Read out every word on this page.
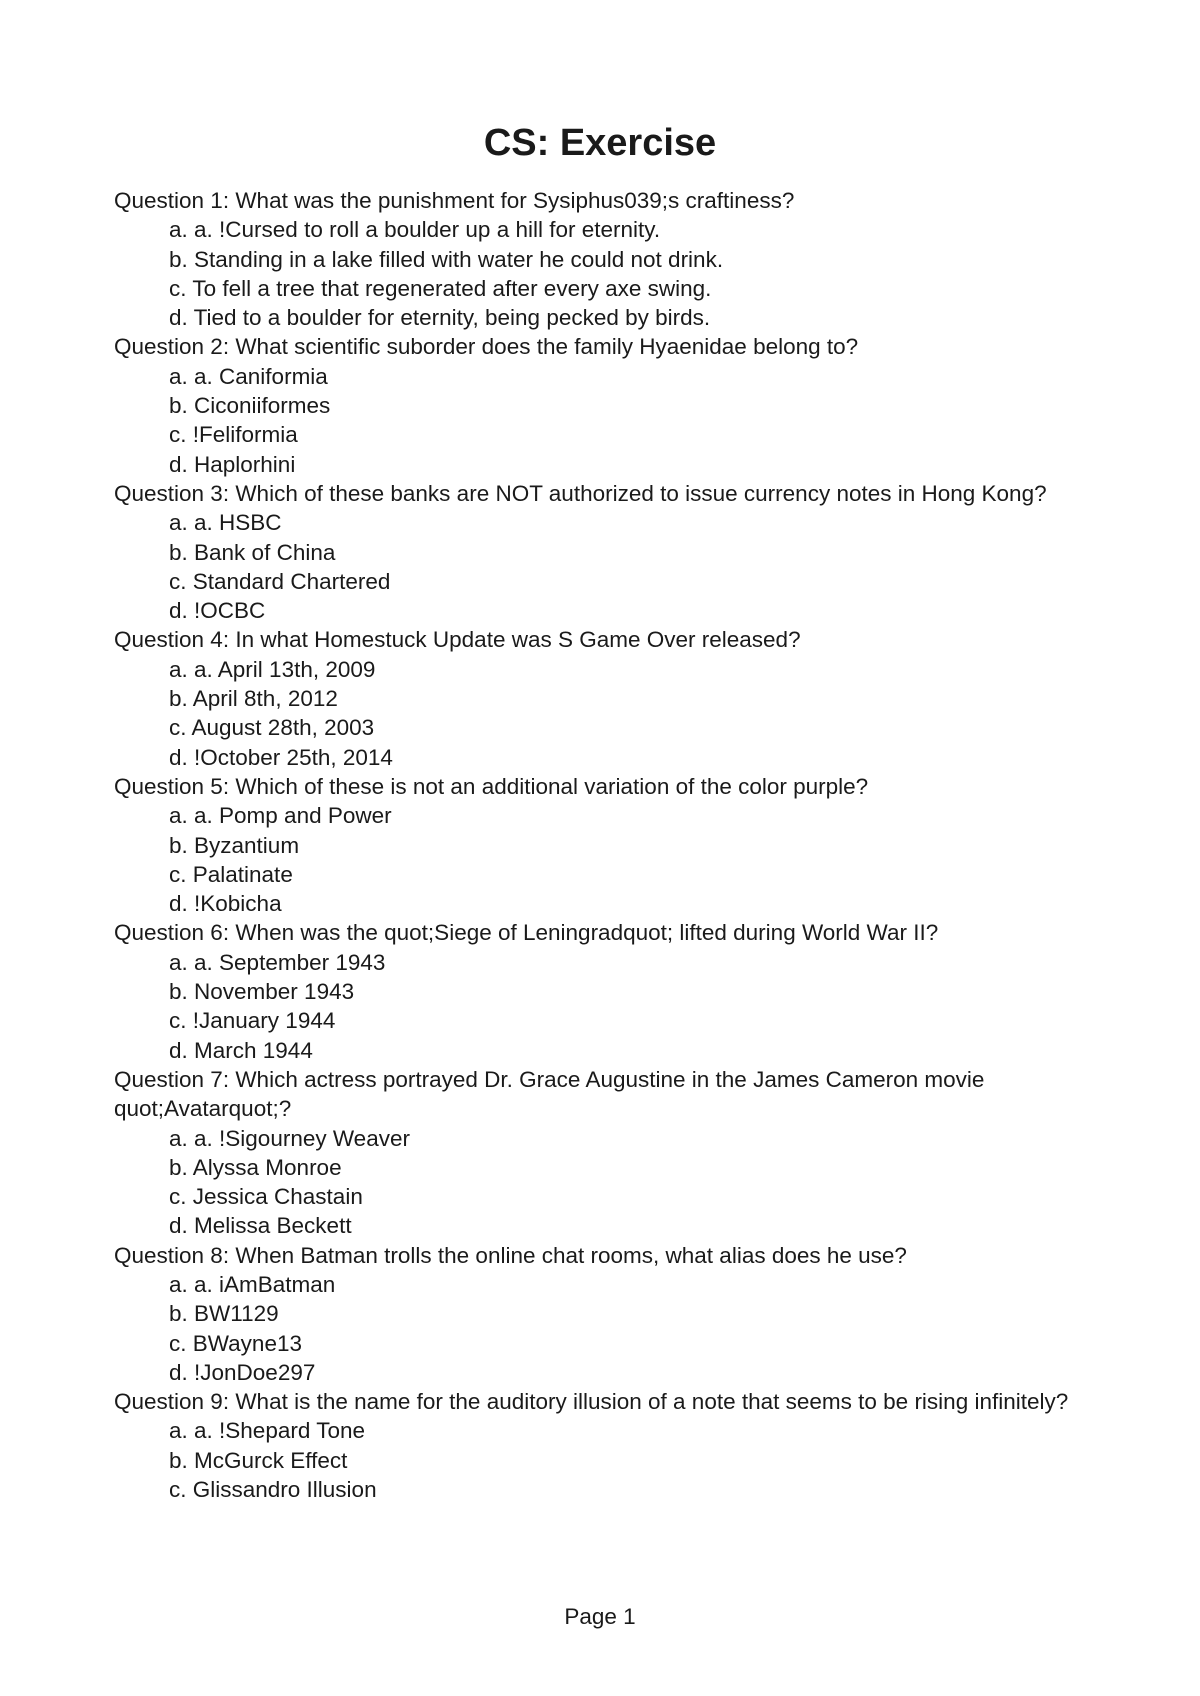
CS: Exercise

Question 1: What was the punishment for Sysiphus039;s craftiness?

a. a. !Cursed to roll a boulder up a hill for eternity.
b. Standing in a lake filled with water he could not drink.
c. To fell a tree that regenerated after every axe swing.
d. Tied to a boulder for eternity, being pecked by birds.

Question 2: What scientific suborder does the family Hyaenidae belong to?

a. a. Caniformia
b. Ciconiiformes
c. !Feliformia
d. Haplorhini

Question 3: Which of these banks are NOT authorized to issue currency notes in Hong Kong?

a. a. HSBC
b. Bank of China
c. Standard Chartered
d. !OCBC

Question 4: In what Homestuck Update was S Game Over released?

a. a. April 13th, 2009
b. April 8th, 2012
c. August 28th, 2003
d. !October 25th, 2014

Question 5: Which of these is not an additional variation of the color purple?

a. a. Pomp and Power
b. Byzantium
c. Palatinate
d. !Kobicha

Question 6: When was the quot;Siege of Leningradquot; lifted during World War II?

a. a. September 1943
b. November 1943
c. !January 1944
d. March 1944

Question 7: Which actress portrayed Dr. Grace Augustine in the James Cameron movie quot;Avatarquot;?

a. a. !Sigourney Weaver
b. Alyssa Monroe
c. Jessica Chastain
d. Melissa Beckett

Question 8: When Batman trolls the online chat rooms, what alias does he use?

a. a. iAmBatman
b. BW1129
c. BWayne13
d. !JonDoe297

Question 9: What is the name for the auditory illusion of a note that seems to be rising infinitely?

a. a. !Shepard Tone
b. McGurck Effect
c. Glissandro Illusion
Page 1
